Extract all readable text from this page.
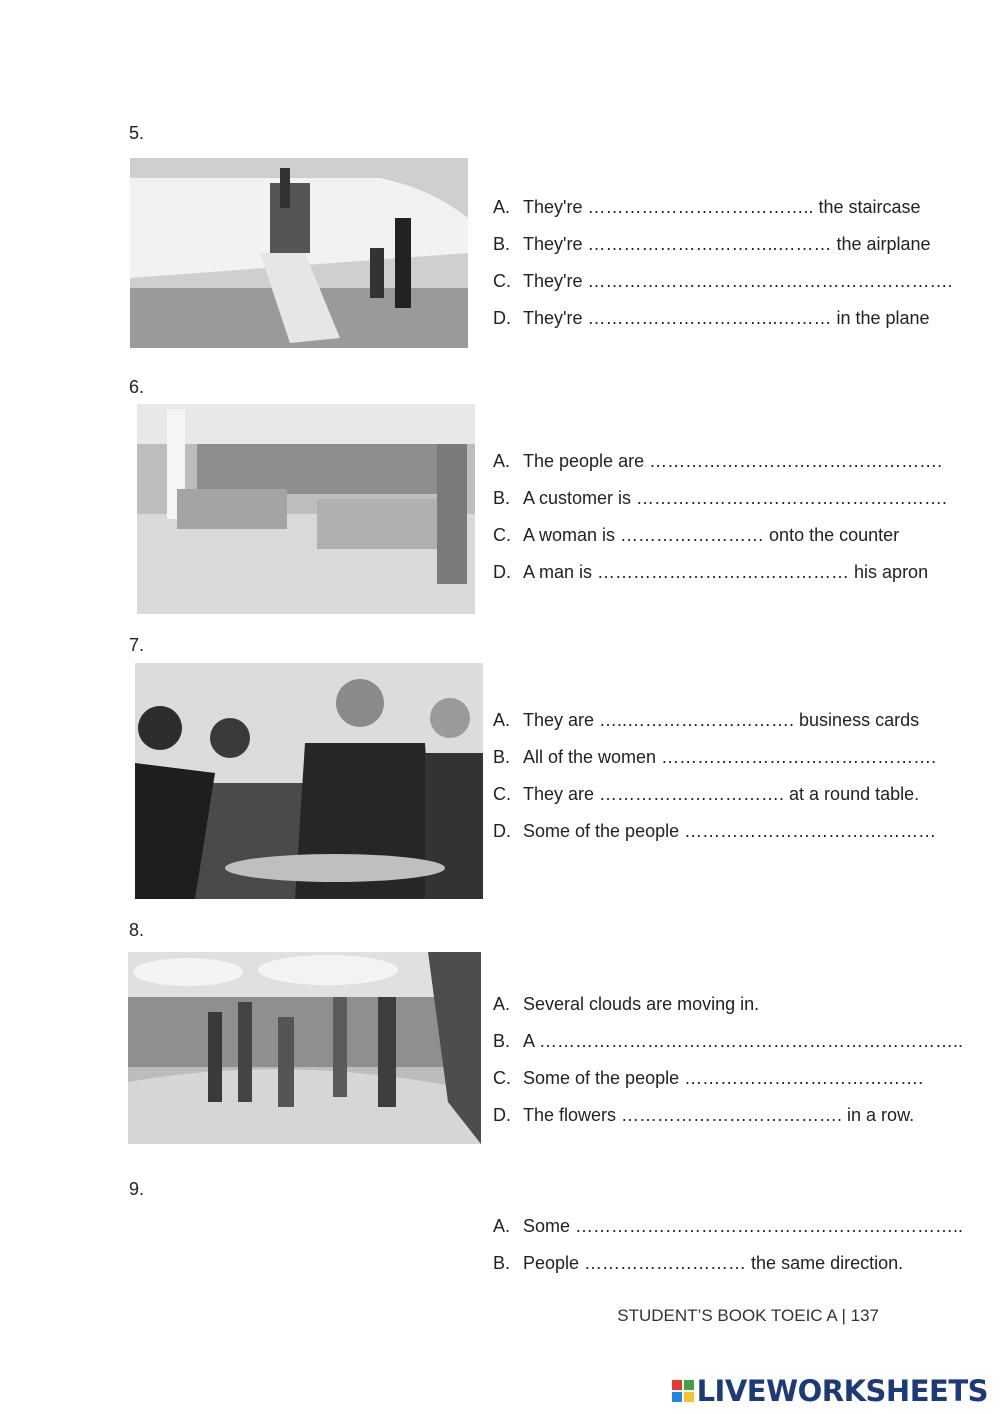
5.
A. They're ……………………………….. the staircase
B. They're …………………………..……… the airplane
C. They're …………………………………………………….
D. They're …………………………..……… in the plane
6.
A. The people are ………………………………………….
B. A customer is …………………………………………….
C. A woman is …………………… onto the counter
D. A man is …………………………………… his apron
7.
A. They are …..………………………. business cards
B. All of the women ……………………………………….
C. They are …………………………. at a round table.
D. Some of the people ……………………………………
8.
A. Several clouds are moving in.
B. A ……………………………………………………………..
C. Some of the people ………………………………….
D. The flowers ………………………………. in a row.
9.
A. Some ………………………………………………………..
B. People ……………………… the same direction.
STUDENT’S BOOK TOEIC A | 137
LIVEWORKSHEETS
